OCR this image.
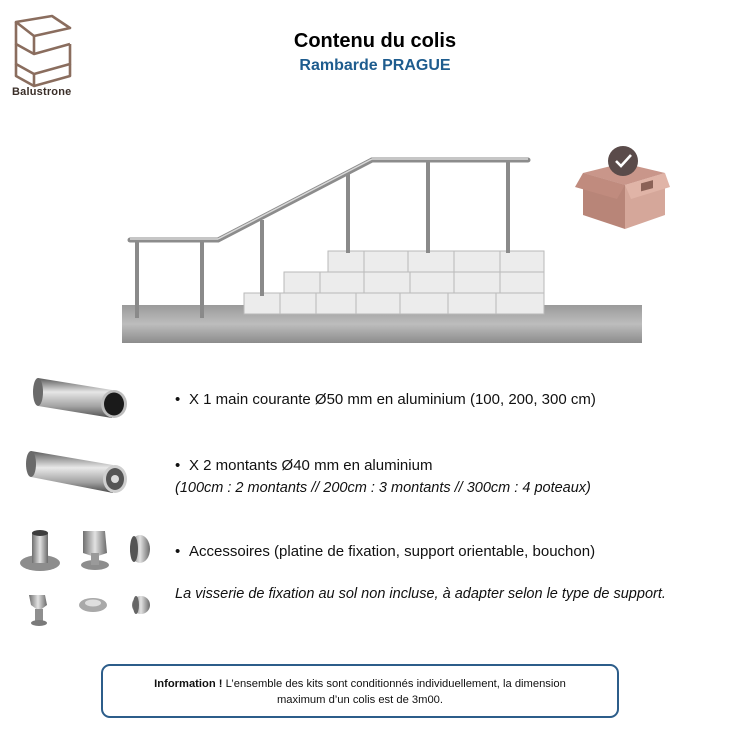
Balustrone
Contenu du colis
Rambarde PRAGUE
• X 1 main courante Ø50 mm en aluminium (100, 200, 300 cm)
• X 2 montants Ø40 mm en aluminium
(100cm : 2 montants // 200cm : 3 montants // 300cm : 4 poteaux)
• Accessoires (platine de fixation, support orientable, bouchon)
La visserie de fixation au sol non incluse, à adapter selon le type de support.
Information ! L’ensemble des kits sont conditionnés individuellement, la dimension
maximum d’un colis est de 3m00.
